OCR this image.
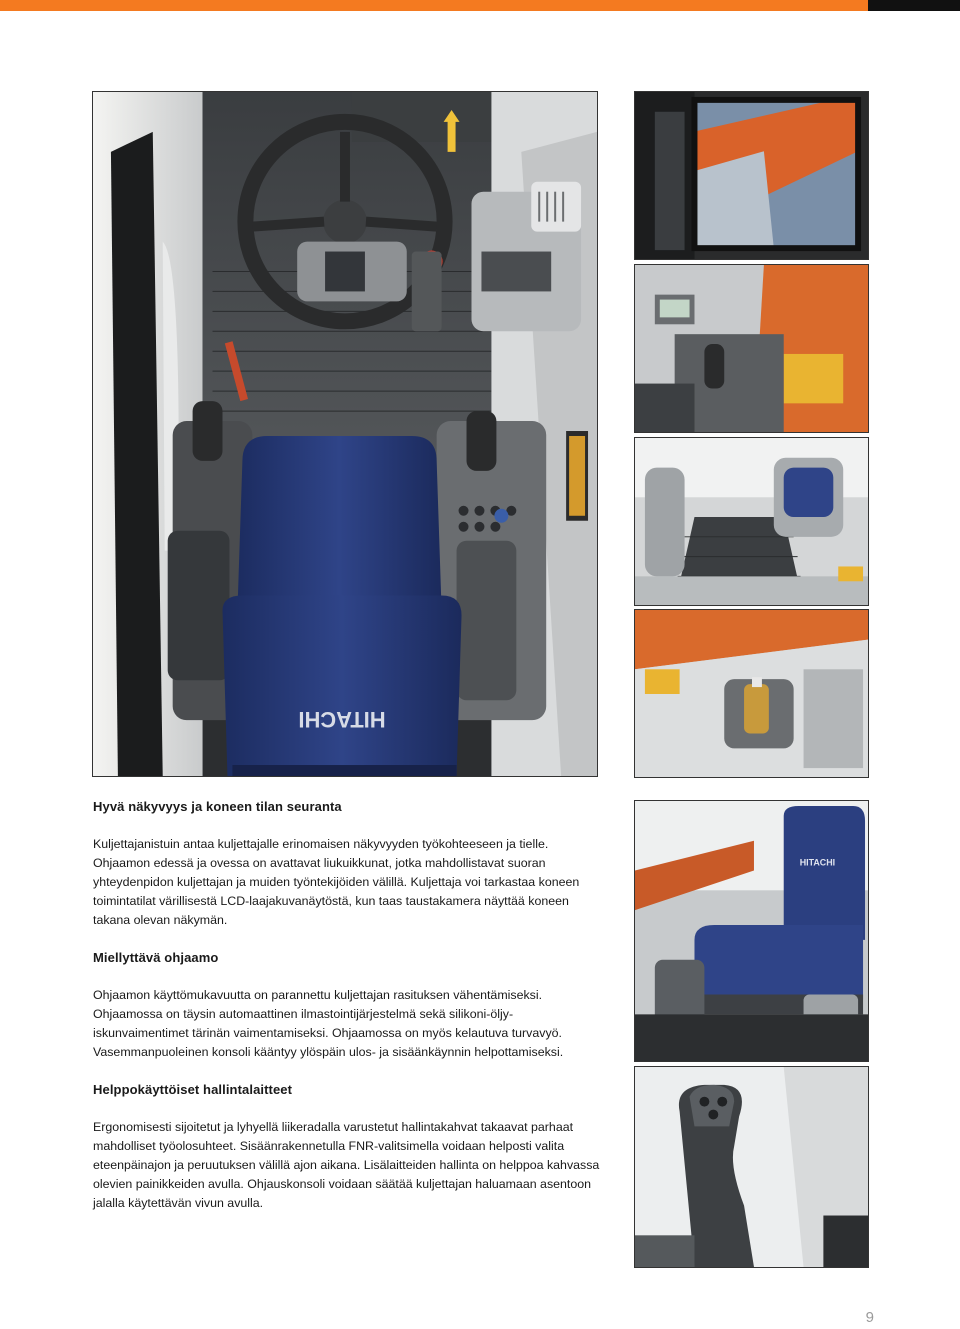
HITACHI
HITACHI
Hyvä näkyvyys ja koneen tilan seuranta

Kuljettajanistuin antaa kuljettajalle erinomaisen näkyvyyden työkohteeseen ja tielle. Ohjaamon edessä ja ovessa on avattavat liukuikkunat, jotka mahdollistavat suoran yhteydenpidon kuljettajan ja muiden työntekijöiden välillä. Kuljettaja voi tarkastaa koneen toimintatilat värillisestä LCD-laajakuvanäytöstä, kun taas taustakamera näyttää koneen takana olevan näkymän.

Miellyttävä ohjaamo

Ohjaamon käyttömukavuutta on parannettu kuljettajan rasituksen vähentämiseksi. Ohjaamossa on täysin automaattinen ilmastointijärjestelmä sekä silikoni-öljy-iskunvaimentimet tärinän vaimentamiseksi. Ohjaamossa on myös kelautuva turvavyö. Vasemmanpuoleinen konsoli kääntyy ylöspäin ulos- ja sisäänkäynnin helpottamiseksi.

Helppokäyttöiset hallintalaitteet

Ergonomisesti sijoitetut ja lyhyellä liikeradalla varustetut hallintakahvat takaavat parhaat mahdolliset työolosuhteet. Sisäänrakennetulla FNR-valitsimella voidaan helposti valita eteenpäinajon ja peruutuksen välillä ajon aikana. Lisälaitteiden hallinta on helppoa kahvassa olevien painikkeiden avulla. Ohjauskonsoli voidaan säätää kuljettajan haluamaan asentoon jalalla käytettävän vivun avulla.

9
